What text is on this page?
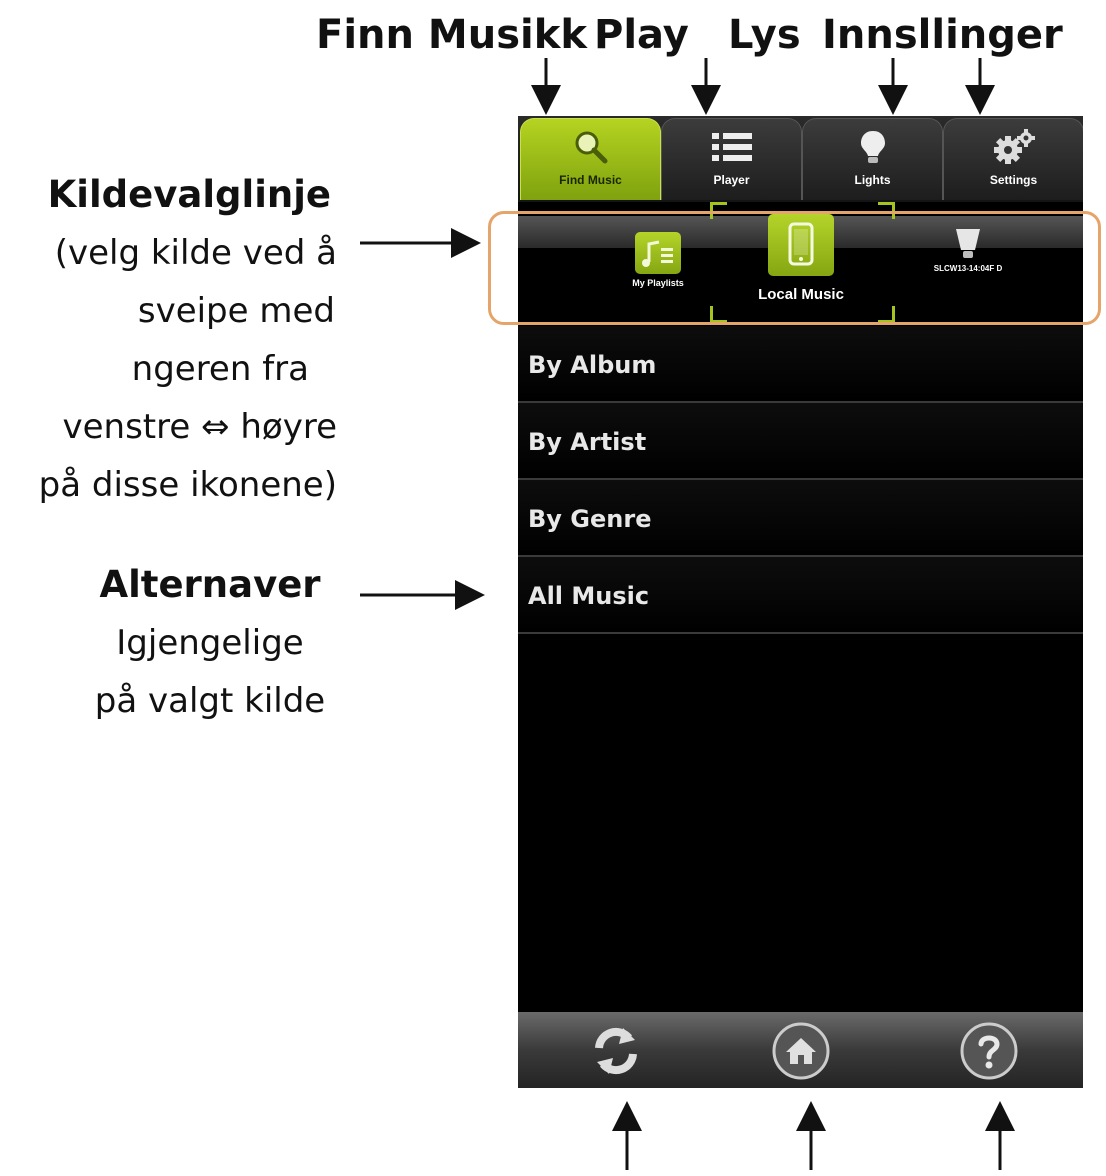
Finn Musikk Play Lys Innsllinger
Kildevalglinje
(velg kilde ved å
sveipe med
ngeren fra
venstre ⇔ høyre
på disse ikonene)
Alternaver
Igjengelige
på valgt kilde
Find Music	Player	Lights	Settings
My Playlists
Local Music
SLCW13-14:04F D
By Album
By Artist
By Genre
All Music
